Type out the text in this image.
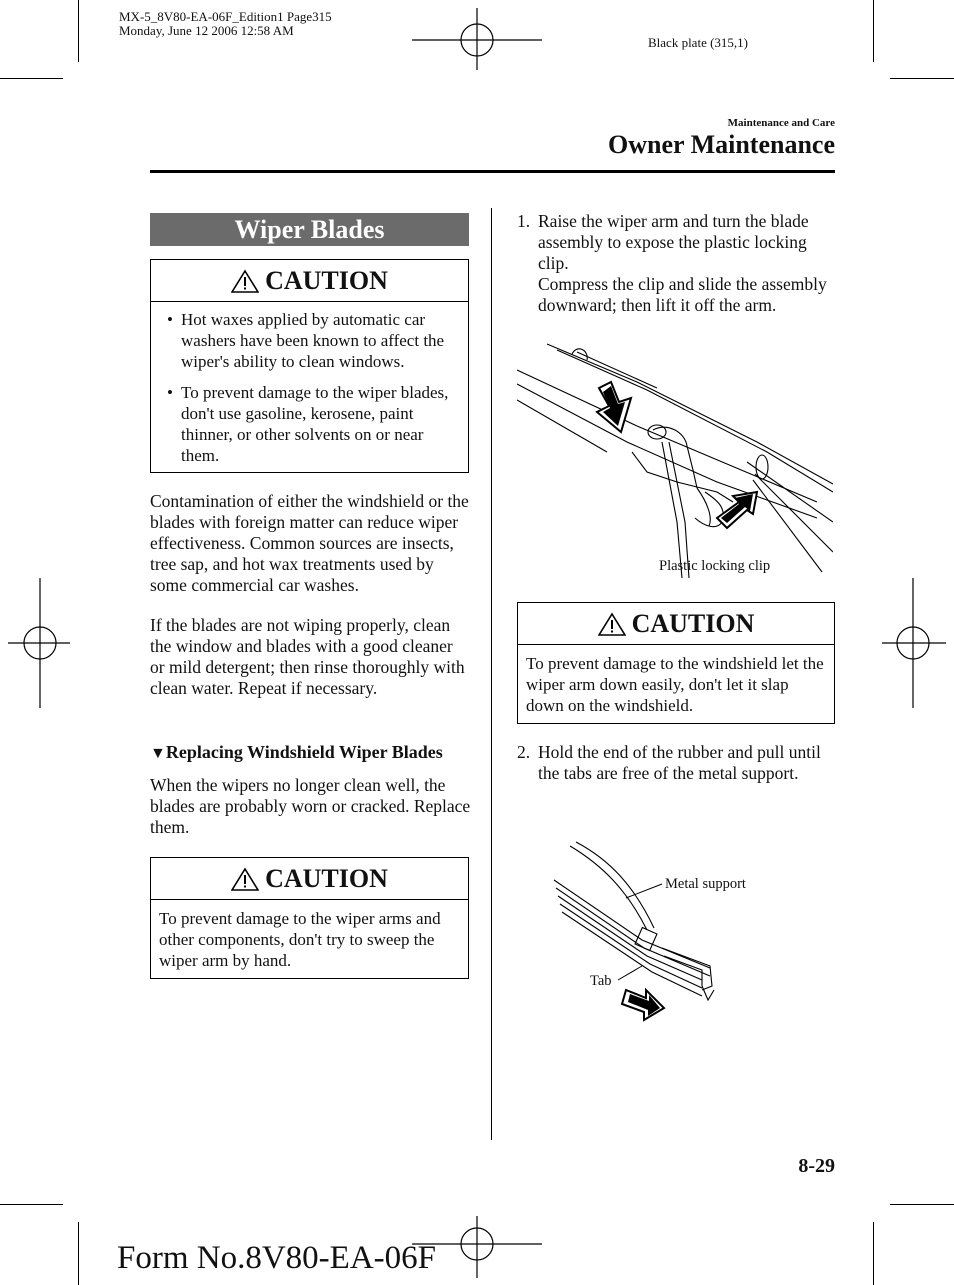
MX-5_8V80-EA-06F_Edition1 Page315
Monday, June 12 2006 12:58 AM
Black plate (315,1)
Maintenance and Care
Owner Maintenance
Wiper Blades
CAUTION
• Hot waxes applied by automatic car washers have been known to affect the wiper's ability to clean windows.
• To prevent damage to the wiper blades, don't use gasoline, kerosene, paint thinner, or other solvents on or near them.
Contamination of either the windshield or the blades with foreign matter can reduce wiper effectiveness. Common sources are insects, tree sap, and hot wax treatments used by some commercial car washes.
If the blades are not wiping properly, clean the window and blades with a good cleaner or mild detergent; then rinse thoroughly with clean water. Repeat if necessary.
▼Replacing Windshield Wiper Blades
When the wipers no longer clean well, the blades are probably worn or cracked. Replace them.
CAUTION
To prevent damage to the wiper arms and other components, don't try to sweep the wiper arm by hand.
1. Raise the wiper arm and turn the blade assembly to expose the plastic locking clip.
Compress the clip and slide the assembly downward; then lift it off the arm.
Plastic locking clip
CAUTION
To prevent damage to the windshield let the wiper arm down easily, don't let it slap down on the windshield.
2. Hold the end of the rubber and pull until the tabs are free of the metal support.
Metal support
Tab
8-29
Form No.8V80-EA-06F
